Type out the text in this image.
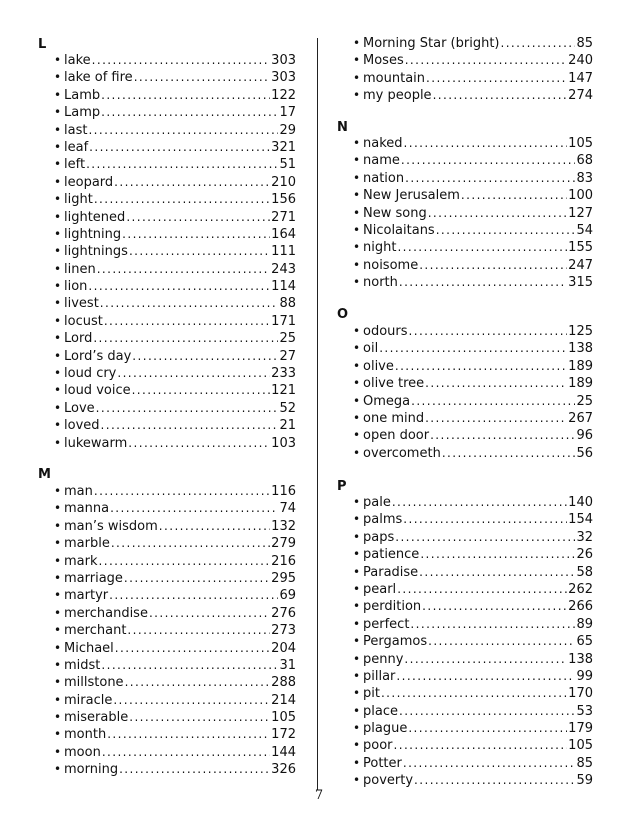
L
• lake .....	303
• lake of fire .....	303
• Lamb .....	122
• Lamp .....	17
• last .....	29
• leaf .....	321
• left .....	51
• leopard .....	210
• light .....	156
• lightened .....	271
• lightning .....	164
• lightnings .....	111
• linen .....	243
• lion .....	114
• livest .....	88
• locust .....	171
• Lord .....	25
• Lord’s day .....	27
• loud cry .....	233
• loud voice .....	121
• Love .....	52
• loved .....	21
• lukewarm .....	103
M
• man .....	116
• manna .....	74
• man’s wisdom .....	132
• marble .....	279
• mark .....	216
• marriage .....	295
• martyr .....	69
• merchandise .....	276
• merchant .....	273
• Michael .....	204
• midst .....	31
• millstone .....	288
• miracle .....	214
• miserable .....	105
• month .....	172
• moon .....	144
• morning .....	326
• Morning Star (bright) .....	85
• Moses .....	240
• mountain .....	147
• my people .....	274
N
• naked .....	105
• name .....	68
• nation .....	83
• New Jerusalem .....	100
• New song .....	127
• Nicolaitans .....	54
• night .....	155
• noisome .....	247
• north .....	315
O
• odours .....	125
• oil .....	138
• olive .....	189
• olive tree .....	189
• Omega .....	25
• one mind .....	267
• open door .....	96
• overcometh .....	56
P
• pale .....	140
• palms .....	154
• paps .....	32
• patience .....	26
• Paradise .....	58
• pearl .....	262
• perdition .....	266
• perfect .....	89
• Pergamos .....	65
• penny .....	138
• pillar .....	99
• pit .....	170
• place .....	53
• plague .....	179
• poor .....	105
• Potter .....	85
• poverty .....	59
7
